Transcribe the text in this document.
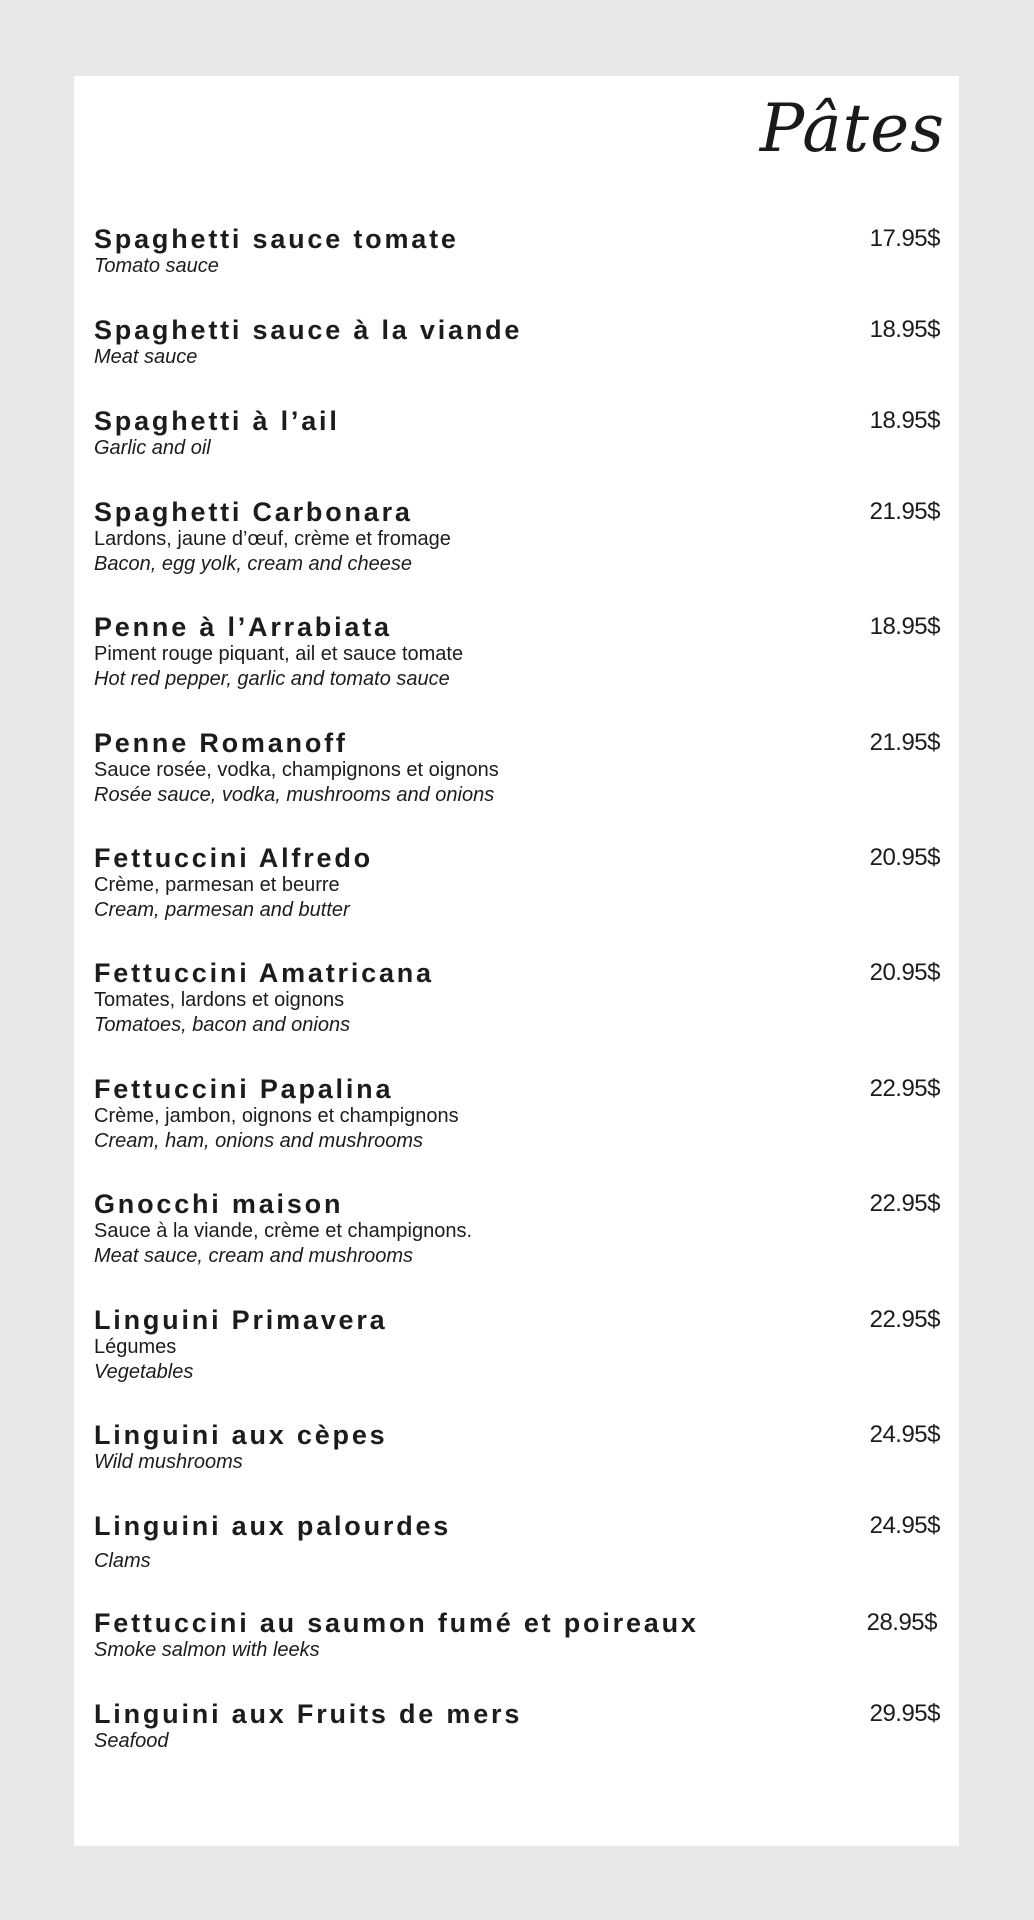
Pâtes
Spaghetti sauce tomate	17.95$
Tomato sauce
Spaghetti sauce à la viande	18.95$
Meat sauce
Spaghetti à l’ail	18.95$
Garlic and oil
Spaghetti Carbonara	21.95$
Lardons, jaune d’œuf, crème et fromage
Bacon, egg yolk, cream and cheese
Penne à l’Arrabiata	18.95$
Piment rouge piquant, ail et sauce tomate
Hot red pepper, garlic and tomato sauce
Penne Romanoff	21.95$
Sauce rosée, vodka, champignons et oignons
Rosée sauce, vodka, mushrooms and onions
Fettuccini Alfredo	20.95$
Crème, parmesan et beurre
Cream, parmesan and butter
Fettuccini Amatricana	20.95$
Tomates, lardons et oignons
Tomatoes, bacon and onions
Fettuccini Papalina	22.95$
Crème, jambon, oignons et champignons
Cream, ham, onions and mushrooms
Gnocchi maison	22.95$
Sauce à la viande, crème et champignons.
Meat sauce, cream and mushrooms
Linguini Primavera	22.95$
Légumes
Vegetables
Linguini aux cèpes	24.95$
Wild mushrooms
Linguini aux palourdes	24.95$
Clams
Fettuccini au saumon fumé et poireaux	28.95$
Smoke salmon with leeks
Linguini aux Fruits de mers	29.95$
Seafood
